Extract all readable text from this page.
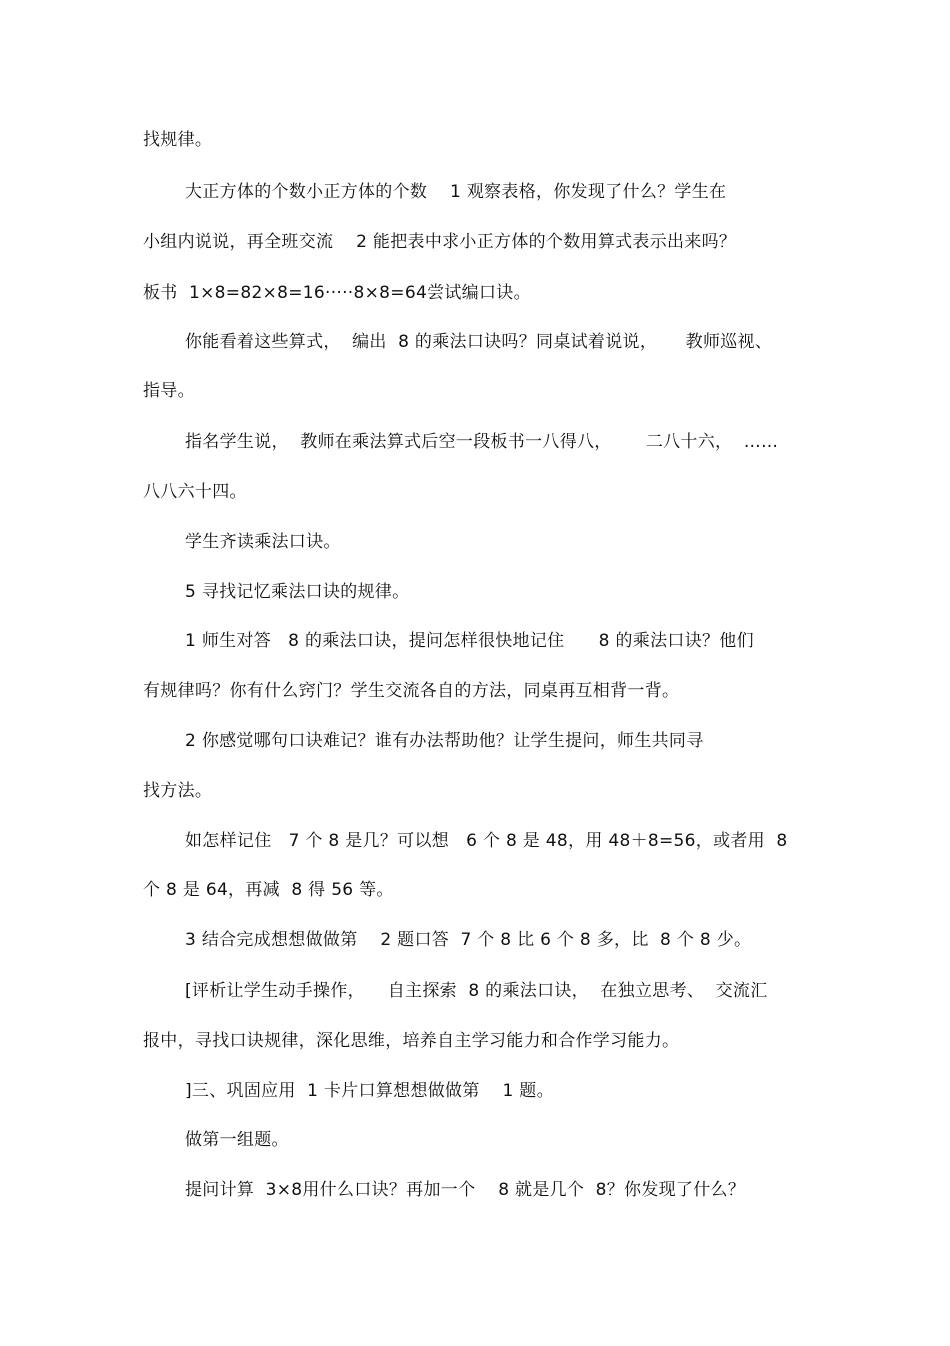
找规律。
大正方体的个数小正方体的个数    1 观察表格，你发现了什么？学生在
小组内说说，再全班交流    2 能把表中求小正方体的个数用算式表示出来吗？
板书  1×8=82×8=16·····8×8=64尝试编口诀。
你能看着这些算式，  编出  8 的乘法口诀吗？同桌试着说说，     教师巡视、
指导。
指名学生说，  教师在乘法算式后空一段板书一八得八，      二八十六，  ……
八八六十四。
学生齐读乘法口诀。
5 寻找记忆乘法口诀的规律。
1 师生对答   8 的乘法口诀，提问怎样很快地记住      8 的乘法口诀？他们
有规律吗？你有什么窍门？学生交流各自的方法，同桌再互相背一背。
2 你感觉哪句口诀难记？谁有办法帮助他？让学生提问，师生共同寻
找方法。
如怎样记住   7 个 8 是几？可以想   6 个 8 是 48，用 48＋8=56，或者用  8
个 8 是 64，再减  8 得 56 等。
3 结合完成想想做做第    2 题口答  7 个 8 比 6 个 8 多，比  8 个 8 少。
[评析让学生动手操作，    自主探索  8 的乘法口诀，  在独立思考、  交流汇
报中，寻找口诀规律，深化思维，培养自主学习能力和合作学习能力。
]三、巩固应用  1 卡片口算想想做做第    1 题。
做第一组题。
提问计算  3×8用什么口诀？再加一个    8 就是几个  8？你发现了什么？
